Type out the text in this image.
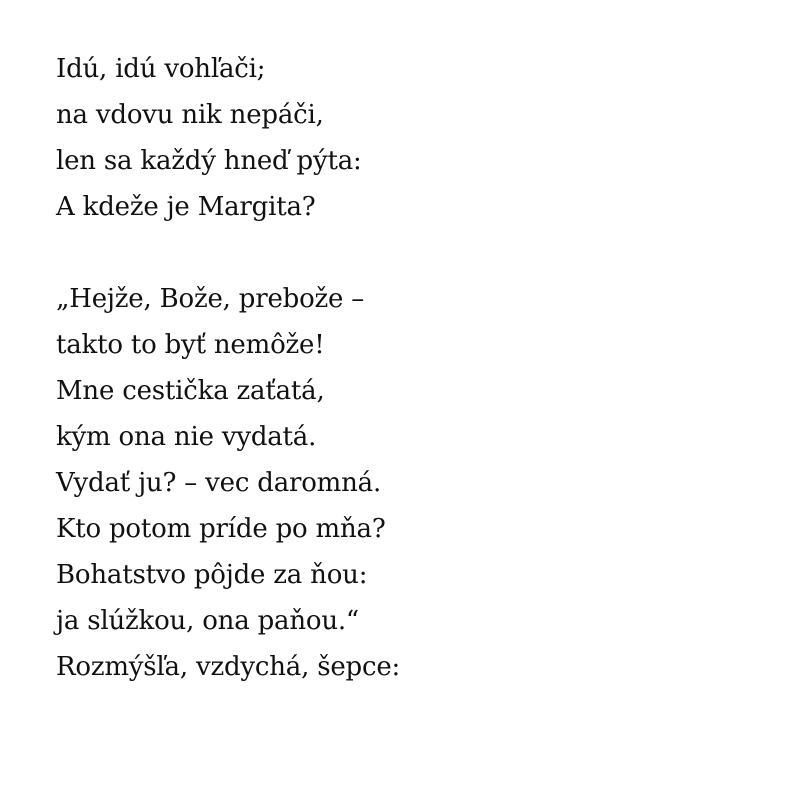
Idú, idú vohľači;
na vdovu nik nepáči,
len sa každý hneď pýta:
A kdeže je Margita?
„Hejže, Bože, prebože –
takto to byť nemôže!
Mne cestička zaťatá,
kým ona nie vydatá.
Vydať ju? – vec daromná.
Kto potom príde po mňa?
Bohatstvo pôjde za ňou:
ja slúžkou, ona paňou.“
Rozmýšľa, vzdychá, šepce:
